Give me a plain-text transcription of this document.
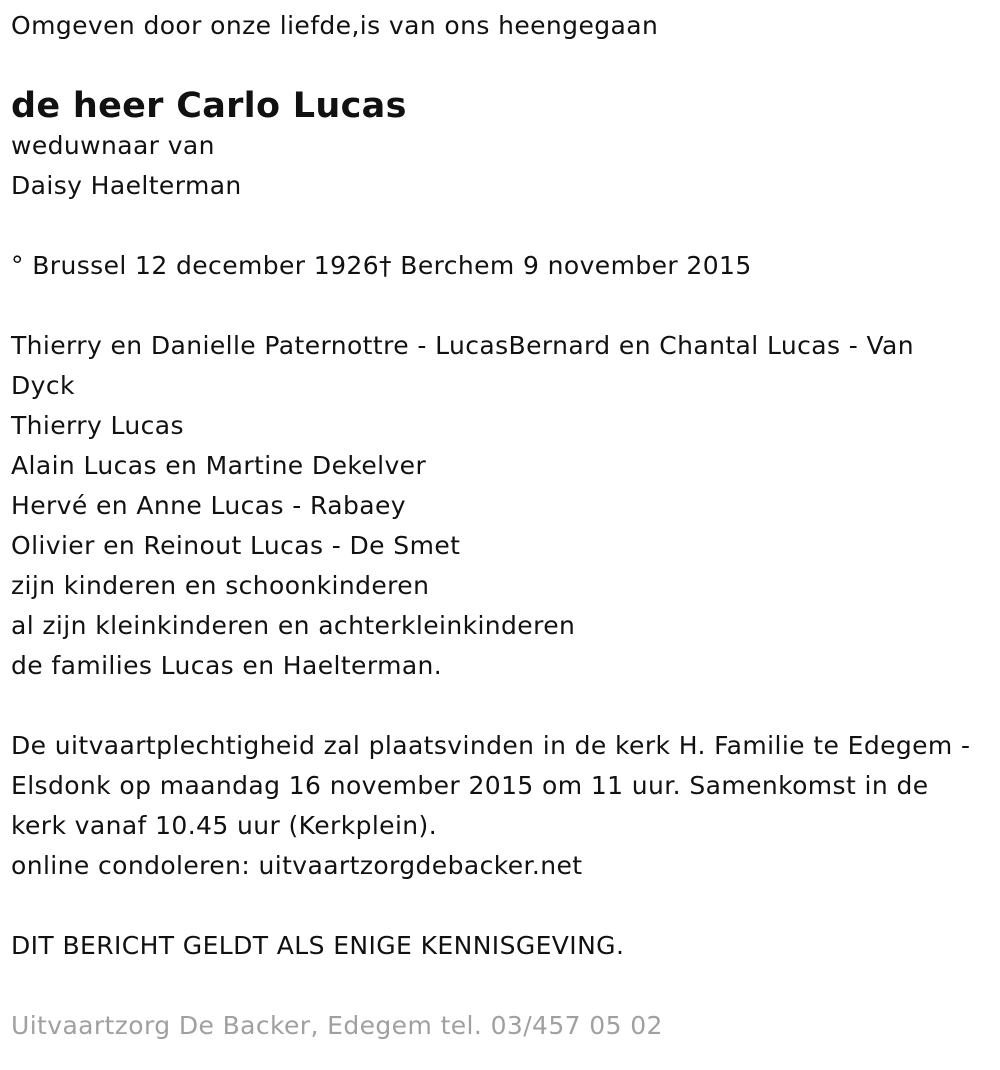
Omgeven door onze liefde,is van ons heengegaan
de heer Carlo Lucas
weduwnaar van
Daisy Haelterman
° Brussel 12 december 1926† Berchem 9 november 2015
Thierry en Danielle Paternottre - LucasBernard en Chantal Lucas - Van Dyck
Thierry Lucas
Alain Lucas en Martine Dekelver
Hervé en Anne Lucas - Rabaey
Olivier en Reinout Lucas - De Smet
zijn kinderen en schoonkinderen
al zijn kleinkinderen en achterkleinkinderen
de families Lucas en Haelterman.
De uitvaartplechtigheid zal plaatsvinden in de kerk H. Familie te Edegem - Elsdonk op maandag 16 november 2015 om 11 uur. Samenkomst in de kerk vanaf 10.45 uur (Kerkplein).
online condoleren: uitvaartzorgdebacker.net
DIT BERICHT GELDT ALS ENIGE KENNISGEVING.
Uitvaartzorg De Backer, Edegem tel. 03/457 05 02
